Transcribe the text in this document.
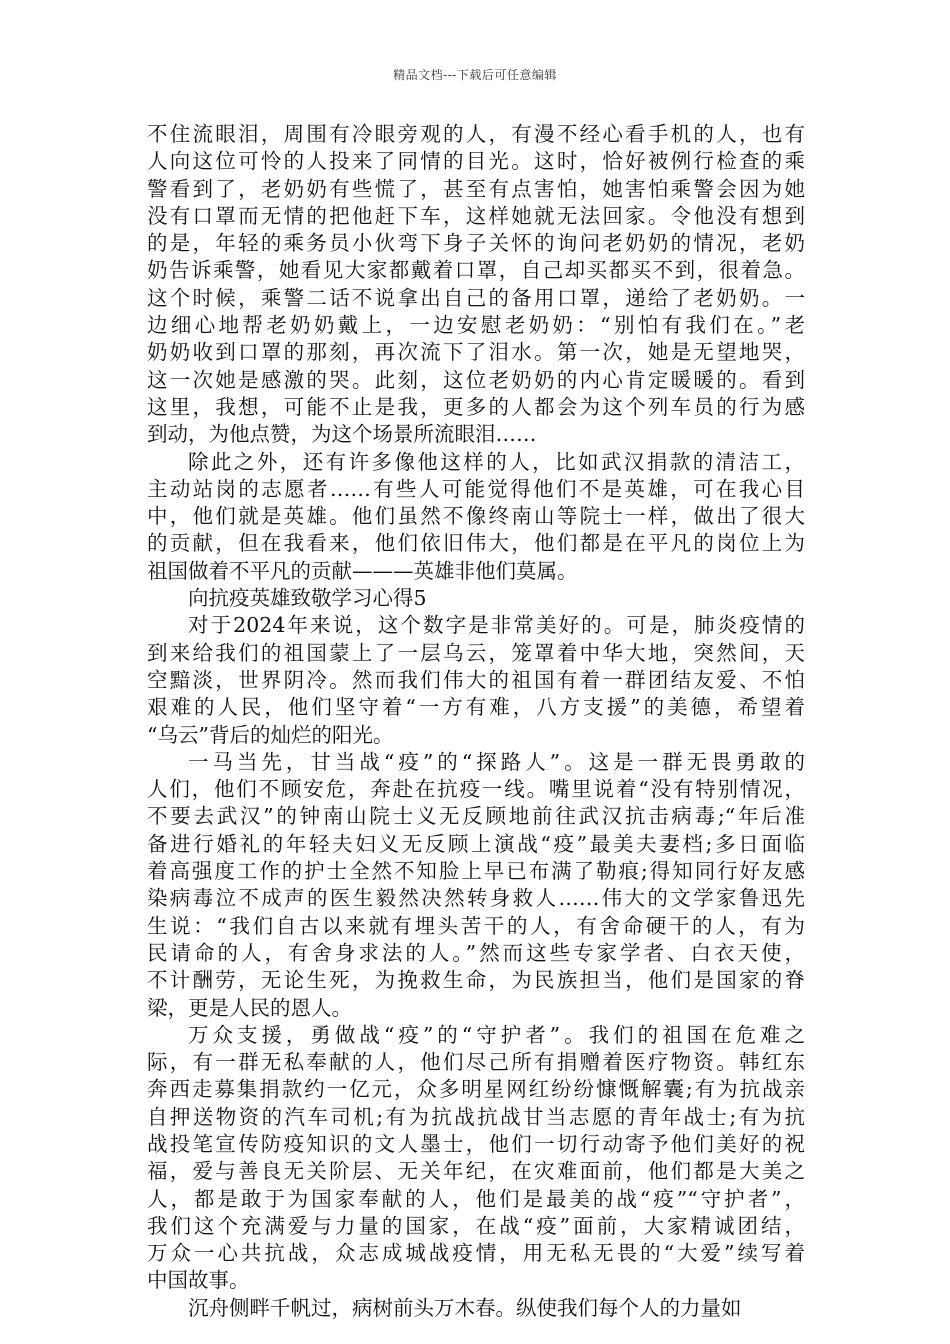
精品文档---下载后可任意编辑
不住流眼泪，周围有冷眼旁观的人，有漫不经心看手机的人，也有
人向这位可怜的人投来了同情的目光。这时，恰好被例行检查的乘
警看到了，老奶奶有些慌了，甚至有点害怕，她害怕乘警会因为她
没有口罩而无情的把他赶下车，这样她就无法回家。令他没有想到
的是，年轻的乘务员小伙弯下身子关怀的询问老奶奶的情况，老奶
奶告诉乘警，她看见大家都戴着口罩，自己却买都买不到，很着急。
这个时候，乘警二话不说拿出自己的备用口罩，递给了老奶奶。一
边细心地帮老奶奶戴上，一边安慰老奶奶：“别怕有我们在。”老
奶奶收到口罩的那刻，再次流下了泪水。第一次，她是无望地哭，
这一次她是感激的哭。此刻，这位老奶奶的内心肯定暖暖的。看到
这里，我想，可能不止是我，更多的人都会为这个列车员的行为感
到动，为他点赞，为这个场景所流眼泪……
除此之外，还有许多像他这样的人，比如武汉捐款的清洁工，
主动站岗的志愿者……有些人可能觉得他们不是英雄，可在我心目
中，他们就是英雄。他们虽然不像终南山等院士一样，做出了很大
的贡献，但在我看来，他们依旧伟大，他们都是在平凡的岗位上为
祖国做着不平凡的贡献———英雄非他们莫属。
向抗疫英雄致敬学习心得5
对于2024年来说，这个数字是非常美好的。可是，肺炎疫情的
到来给我们的祖国蒙上了一层乌云，笼罩着中华大地，突然间，天
空黯淡，世界阴冷。然而我们伟大的祖国有着一群团结友爱、不怕
艰难的人民，他们坚守着“一方有难，八方支援”的美德，希望着
“乌云”背后的灿烂的阳光。
一马当先，甘当战“疫”的“探路人”。这是一群无畏勇敢的
人们，他们不顾安危，奔赴在抗疫一线。嘴里说着“没有特别情况，
不要去武汉”的钟南山院士义无反顾地前往武汉抗击病毒;“年后准
备进行婚礼的年轻夫妇义无反顾上演战“疫”最美夫妻档;多日面临
着高强度工作的护士全然不知脸上早已布满了勒痕;得知同行好友感
染病毒泣不成声的医生毅然决然转身救人……伟大的文学家鲁迅先
生说：“我们自古以来就有埋头苦干的人，有舍命硬干的人，有为
民请命的人，有舍身求法的人。”然而这些专家学者、白衣天使，
不计酬劳，无论生死，为挽救生命，为民族担当，他们是国家的脊
梁，更是人民的恩人。
万众支援，勇做战“疫”的“守护者”。我们的祖国在危难之
际，有一群无私奉献的人，他们尽己所有捐赠着医疗物资。韩红东
奔西走募集捐款约一亿元，众多明星网红纷纷慷慨解囊;有为抗战亲
自押送物资的汽车司机;有为抗战抗战甘当志愿的青年战士;有为抗
战投笔宣传防疫知识的文人墨士，他们一切行动寄予他们美好的祝
福，爱与善良无关阶层、无关年纪，在灾难面前，他们都是大美之
人，都是敢于为国家奉献的人，他们是最美的战“疫”“守护者”，
我们这个充满爱与力量的国家，在战“疫”面前，大家精诚团结，
万众一心共抗战，众志成城战疫情，用无私无畏的“大爱”续写着
中国故事。
沉舟侧畔千帆过，病树前头万木春。纵使我们每个人的力量如
